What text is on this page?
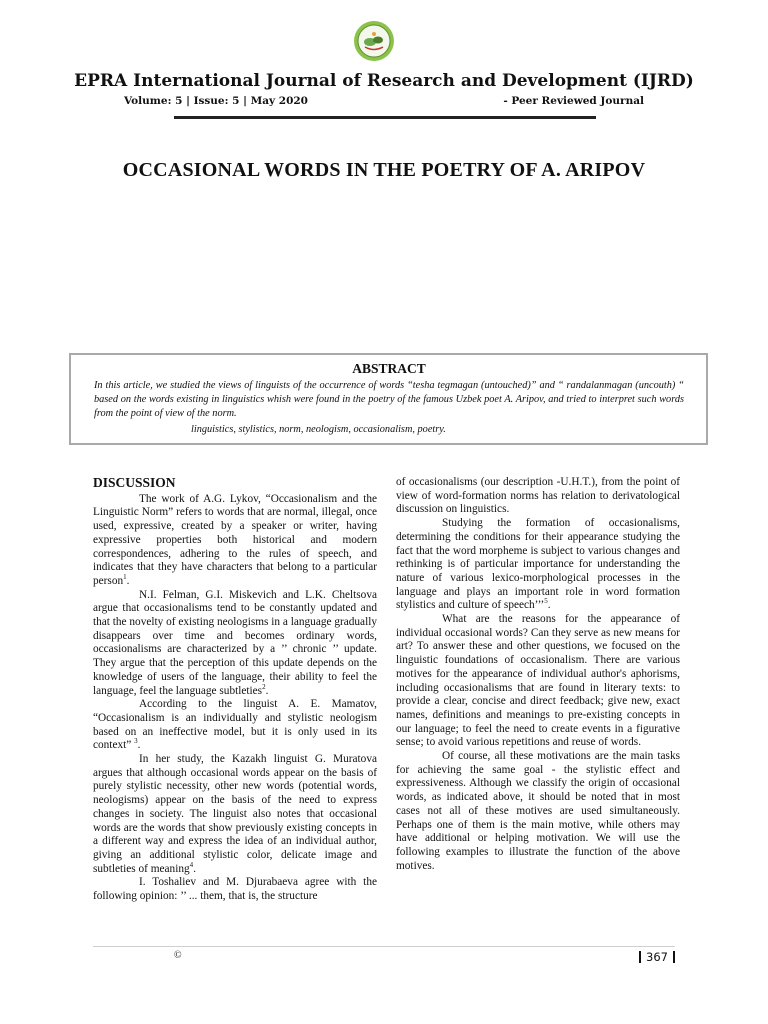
EPRA International Journal of Research and Development (IJRD)
Volume: 5 | Issue: 5 | May 2020	- Peer Reviewed Journal
OCCASIONAL WORDS IN THE POETRY OF A. ARIPOV
ABSTRACT

In this article, we studied the views of linguists of the occurrence of words “tesha tegmagan (untouched)” and “ randalanmagan (uncouth) “ based on the words existing in linguistics whish were found in the poetry of the famous Uzbek poet A. Aripov, and tried to interpret such words from the point of view of the norm.

linguistics, stylistics, norm, neologism, occasionalism, poetry.
DISCUSSION

The work of A.G. Lykov, “Occasionalism and the Linguistic Norm” refers to words that are normal, illegal, once used, expressive, created by a speaker or writer, having expressive properties both historical and modern correspondences, adhering to the rules of speech, and indicates that they have characters that belong to a particular person$^1$.

N.I. Felman, G.I. Miskevich and L.K. Cheltsova argue that occasionalisms tend to be constantly updated and that the novelty of existing neologisms in a language gradually disappears over time and becomes ordinary words, occasionalisms are characterized by a ’’ chronic ’’ update. They argue that the perception of this update depends on the knowledge of users of the language, their ability to feel the language, feel the language subtleties$^2$.

According to the linguist A. E. Mamatov, “Occasionalism is an individually and stylistic neologism based on an ineffective model, but it is only used in its context” $^3$.

In her study, the Kazakh linguist G. Muratova argues that although occasional words appear on the basis of purely stylistic necessity, other new words (potential words, neologisms) appear on the basis of the need to express changes in society. The linguist also notes that occasional words are the words that show previously existing concepts in a different way and express the idea of an individual author, giving an additional stylistic color, delicate image and subtleties of meaning$^4$.

I. Toshaliev and M. Djurabaeva agree with the following opinion: ’’ ... them, that is, the structure

of occasionalisms (our description -U.H.T.), from the point of view of word-formation norms has relation to derivatological discussion on linguistics.

Studying the formation of occasionalisms, determining the conditions for their appearance studying the fact that the word morpheme is subject to various changes and rethinking is of particular importance for understanding the nature of various lexico-morphological processes in the language and plays an important role in word formation stylistics and culture of speech’’’$^5$.

What are the reasons for the appearance of individual occasional words? Can they serve as new means for art? To answer these and other questions, we focused on the linguistic foundations of occasionalism. There are various motives for the appearance of individual author's aphorisms, including occasionalisms that are found in literary texts: to provide a clear, concise and direct feedback; give new, exact names, definitions and meanings to pre-existing concepts in our language; to feel the need to create events in a figurative sense; to avoid various repetitions and reuse of words.

Of course, all these motivations are the main tasks for achieving the same goal - the stylistic effect and expressiveness. Although we classify the origin of occasional words, as indicated above, it should be noted that in most cases not all of these motives are used simultaneously. Perhaps one of them is the main motive, while others may have additional or helping motivation. We will use the following examples to illustrate the function of the above motives.

©	367
